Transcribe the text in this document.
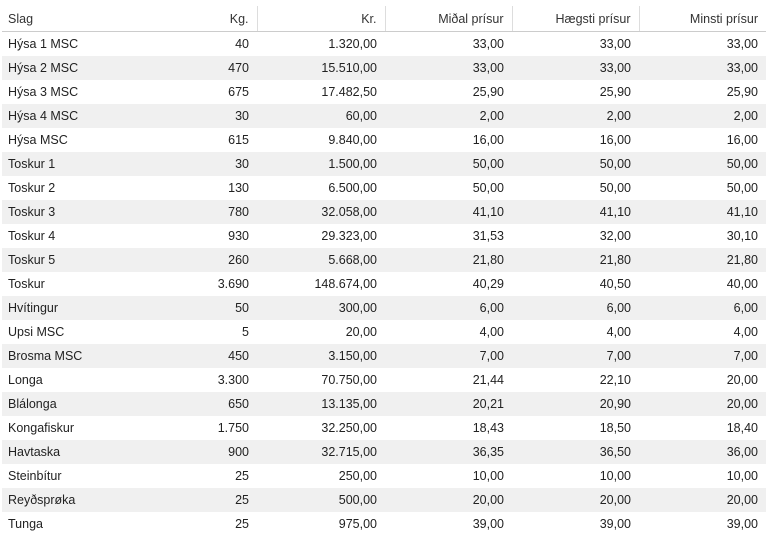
Slag	Kg.	Kr.	Miðal prísur	Hægsti prísur	Minsti prísur
Hýsa 1 MSC	40	1.320,00	33,00	33,00	33,00
Hýsa 2 MSC	470	15.510,00	33,00	33,00	33,00
Hýsa 3 MSC	675	17.482,50	25,90	25,90	25,90
Hýsa 4 MSC	30	60,00	2,00	2,00	2,00
Hýsa MSC	615	9.840,00	16,00	16,00	16,00
Toskur 1	30	1.500,00	50,00	50,00	50,00
Toskur 2	130	6.500,00	50,00	50,00	50,00
Toskur 3	780	32.058,00	41,10	41,10	41,10
Toskur 4	930	29.323,00	31,53	32,00	30,10
Toskur 5	260	5.668,00	21,80	21,80	21,80
Toskur	3.690	148.674,00	40,29	40,50	40,00
Hvítingur	50	300,00	6,00	6,00	6,00
Upsi MSC	5	20,00	4,00	4,00	4,00
Brosma MSC	450	3.150,00	7,00	7,00	7,00
Longa	3.300	70.750,00	21,44	22,10	20,00
Blálonga	650	13.135,00	20,21	20,90	20,00
Kongafiskur	1.750	32.250,00	18,43	18,50	18,40
Havtaska	900	32.715,00	36,35	36,50	36,00
Steinbítur	25	250,00	10,00	10,00	10,00
Reyðsprøka	25	500,00	20,00	20,00	20,00
Tunga	25	975,00	39,00	39,00	39,00
